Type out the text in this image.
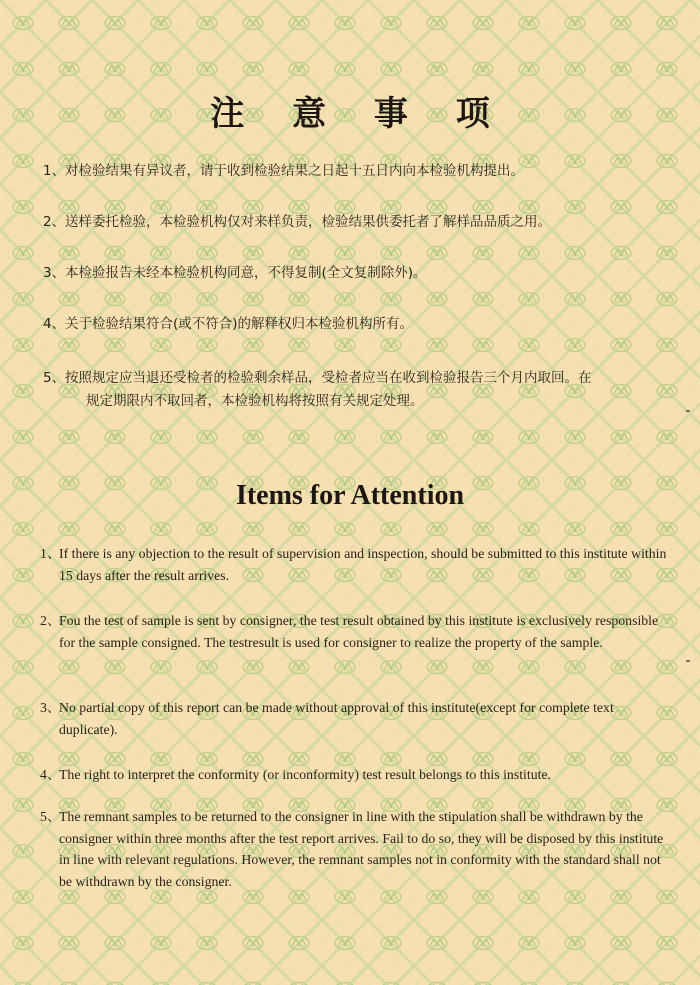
注 意 事 项
1、对检验结果有异议者，请于收到检验结果之日起十五日内向本检验机构提出。
2、送样委托检验，本检验机构仅对来样负责，检验结果供委托者了解样品品质之用。
3、本检验报告未经本检验机构同意，不得复制(全文复制除外)。
4、关于检验结果符合(或不符合)的解释权归本检验机构所有。
5、按照规定应当退还受检者的检验剩余样品，受检者应当在收到检验报告三个月内取回。在
规定期限内不取回者，本检验机构将按照有关规定处理。
Items for Attention
1、
If there is any objection to the result of supervision and inspection, should be submitted to this institute within 15 days after the result arrives.
2、
Fou the test of sample is sent by consigner, the test result obtained by this institute is exclusively responsible for the sample consigned. The testresult is used for consigner to realize the property of the sample.
3、
No partial copy of this report can be made without approval of this institute(except for complete text duplicate).
4、
The right to interpret the conformity (or inconformity) test result belongs to this institute.
5、
The remnant samples to be returned to the consigner in line with the stipulation shall be withdrawn by the consigner within three months after the test report arrives. Fail to do so, they will be disposed by this institute in line with relevant regulations. However, the remnant samples not in conformity with the standard shall not be withdrawn by the consigner.
